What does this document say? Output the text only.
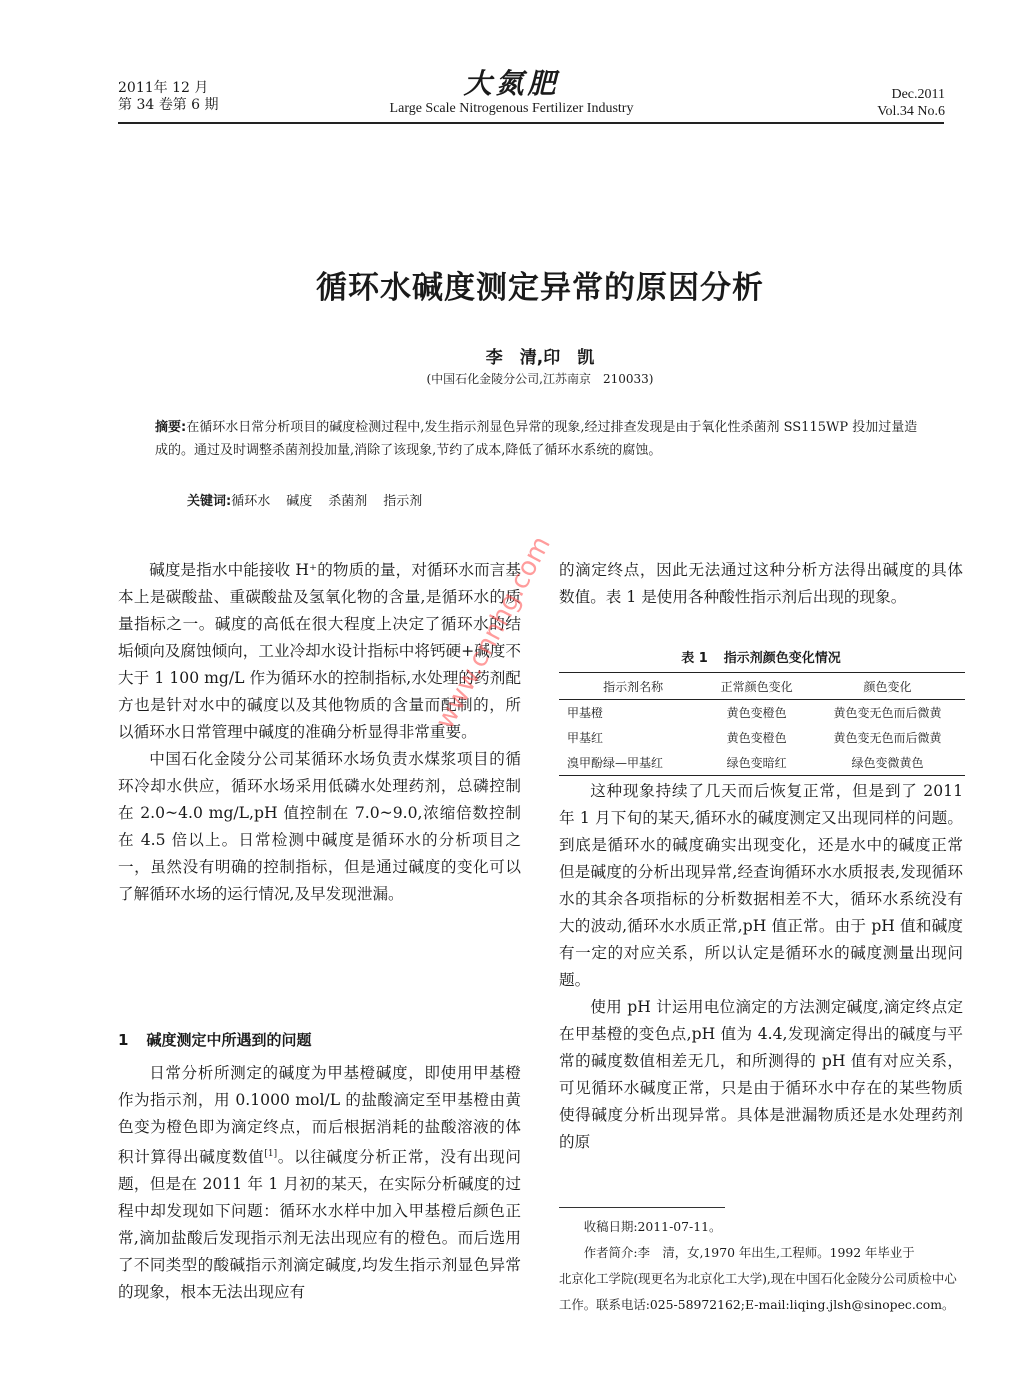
2011年 12 月
第 34 卷第 6 期
大氮肥
Large Scale Nitrogenous Fertilizer Industry
Dec.2011
Vol.34 No.6
循环水碱度测定异常的原因分析
李　清,印　凯
(中国石化金陵分公司,江苏南京　210033)
摘要:在循环水日常分析项目的碱度检测过程中,发生指示剂显色异常的现象,经过排查发现是由于氧化性杀菌剂 SS115WP 投加过量造成的。通过及时调整杀菌剂投加量,消除了该现象,节约了成本,降低了循环水系统的腐蚀。
关键词:循环水 碱度 杀菌剂 指示剂

碱度是指水中能接收 H⁺的物质的量，对循环水而言基本上是碳酸盐、重碳酸盐及氢氧化物的含量,是循环水的质量指标之一。碱度的高低在很大程度上决定了循环水的结垢倾向及腐蚀倾向，工业冷却水设计指标中将钙硬+碱度不大于 1 100 mg/L 作为循环水的控制指标,水处理的药剂配方也是针对水中的碱度以及其他物质的含量而配制的，所以循环水日常管理中碱度的准确分析显得非常重要。

中国石化金陵分公司某循环水场负责水煤浆项目的循环冷却水供应，循环水场采用低磷水处理药剂，总磷控制在 2.0~4.0 mg/L,pH 值控制在 7.0~9.0,浓缩倍数控制在 4.5 倍以上。日常检测中碱度是循环水的分析项目之一，虽然没有明确的控制指标，但是通过碱度的变化可以了解循环水场的运行情况,及早发现泄漏。

1 碱度测定中所遇到的问题

日常分析所测定的碱度为甲基橙碱度，即使用甲基橙作为指示剂，用 0.1000 mol/L 的盐酸滴定至甲基橙由黄色变为橙色即为滴定终点，而后根据消耗的盐酸溶液的体积计算得出碱度数值[1]。以往碱度分析正常，没有出现问题，但是在 2011 年 1 月初的某天，在实际分析碱度的过程中却发现如下问题：循环水水样中加入甲基橙后颜色正常,滴加盐酸后发现指示剂无法出现应有的橙色。而后选用了不同类型的酸碱指示剂滴定碱度,均发生指示剂显色异常的现象，根本无法出现应有

的滴定终点，因此无法通过这种分析方法得出碱度的具体数值。表 1 是使用各种酸性指示剂后出现的现象。

表 1 指示剂颜色变化情况
指示剂名称	正常颜色变化	颜色变化
甲基橙	黄色变橙色	黄色变无色而后微黄
甲基红	黄色变橙色	黄色变无色而后微黄
溴甲酚绿—甲基红	绿色变暗红	绿色变微黄色

这种现象持续了几天而后恢复正常，但是到了 2011 年 1 月下旬的某天,循环水的碱度测定又出现同样的问题。到底是循环水的碱度确实出现变化，还是水中的碱度正常但是碱度的分析出现异常,经查询循环水水质报表,发现循环水的其余各项指标的分析数据相差不大，循环水系统没有大的波动,循环水水质正常,pH 值正常。由于 pH 值和碱度有一定的对应关系，所以认定是循环水的碱度测量出现问题。

使用 pH 计运用电位滴定的方法测定碱度,滴定终点定在甲基橙的变色点,pH 值为 4.4,发现滴定得出的碱度与平常的碱度数值相差无几，和所测得的 pH 值有对应关系，可见循环水碱度正常，只是由于循环水中存在的某些物质使得碱度分析出现异常。具体是泄漏物质还是水处理药剂的原

收稿日期:2011-07-11。

作者简介:李　清，女,1970 年出生,工程师。1992 年毕业于

北京化工学院(现更名为北京化工大学),现在中国石化金陵分公司质检中心工作。联系电话:025-58972162;E-mail:liqing.jlsh@sinopec.com。

www.cnnhg.com
